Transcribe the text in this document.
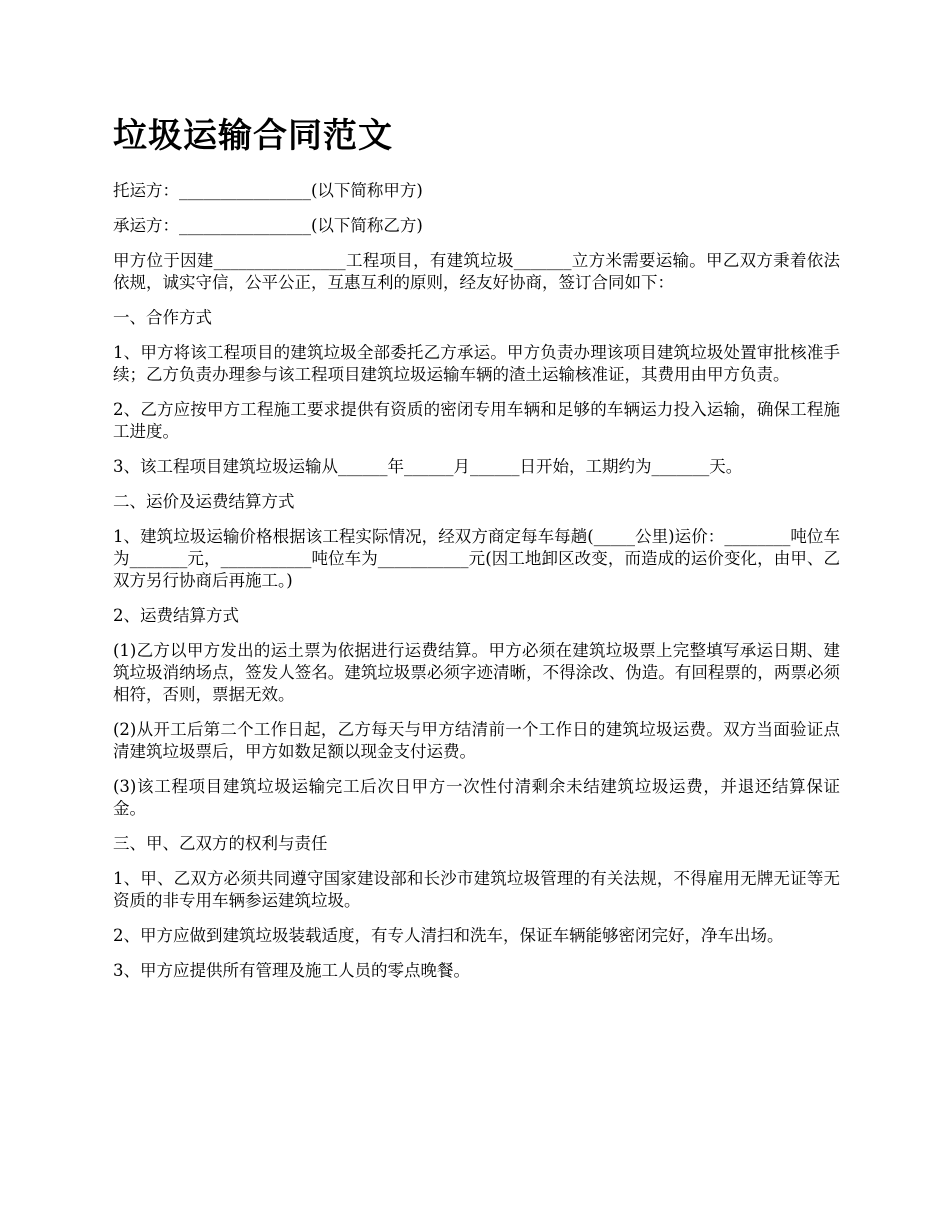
垃圾运输合同范文

托运方：________________(以下简称甲方)

承运方：________________(以下简称乙方)

甲方位于因建________________工程项目，有建筑垃圾_______立方米需要运输。甲乙双方秉着依法依规，诚实守信，公平公正，互惠互利的原则，经友好协商，签订合同如下：

一、合作方式

1、甲方将该工程项目的建筑垃圾全部委托乙方承运。甲方负责办理该项目建筑垃圾处置审批核准手续；乙方负责办理参与该工程项目建筑垃圾运输车辆的渣土运输核准证，其费用由甲方负责。

2、乙方应按甲方工程施工要求提供有资质的密闭专用车辆和足够的车辆运力投入运输，确保工程施工进度。

3、该工程项目建筑垃圾运输从______年______月______日开始，工期约为_______天。

二、运价及运费结算方式

1、建筑垃圾运输价格根据该工程实际情况，经双方商定每车每趟(_____公里)运价：________吨位车为_______元，___________吨位车为___________元(因工地卸区改变，而造成的运价变化，由甲、乙双方另行协商后再施工。)

2、运费结算方式

(1)乙方以甲方发出的运土票为依据进行运费结算。甲方必须在建筑垃圾票上完整填写承运日期、建筑垃圾消纳场点，签发人签名。建筑垃圾票必须字迹清晰，不得涂改、伪造。有回程票的，两票必须相符，否则，票据无效。

(2)从开工后第二个工作日起，乙方每天与甲方结清前一个工作日的建筑垃圾运费。双方当面验证点清建筑垃圾票后，甲方如数足额以现金支付运费。

(3)该工程项目建筑垃圾运输完工后次日甲方一次性付清剩余未结建筑垃圾运费，并退还结算保证金。

三、甲、乙双方的权利与责任

1、甲、乙双方必须共同遵守国家建设部和长沙市建筑垃圾管理的有关法规，不得雇用无牌无证等无资质的非专用车辆参运建筑垃圾。

2、甲方应做到建筑垃圾装载适度，有专人清扫和洗车，保证车辆能够密闭完好，净车出场。

3、甲方应提供所有管理及施工人员的零点晚餐。
